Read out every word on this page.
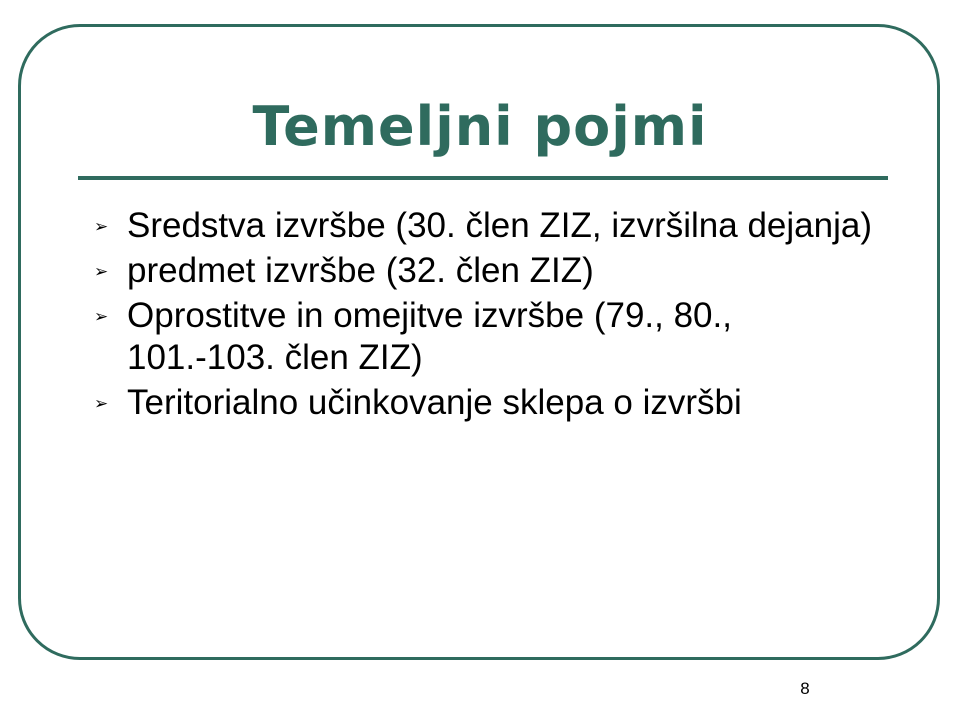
Temeljni pojmi
➢ Sredstva izvršbe (30. člen ZIZ, izvršilna dejanja)
➢ predmet izvršbe (32. člen ZIZ)
➢ Oprostitve in omejitve izvršbe (79., 80., 101.-103. člen ZIZ)
➢ Teritorialno učinkovanje sklepa o izvršbi
8
